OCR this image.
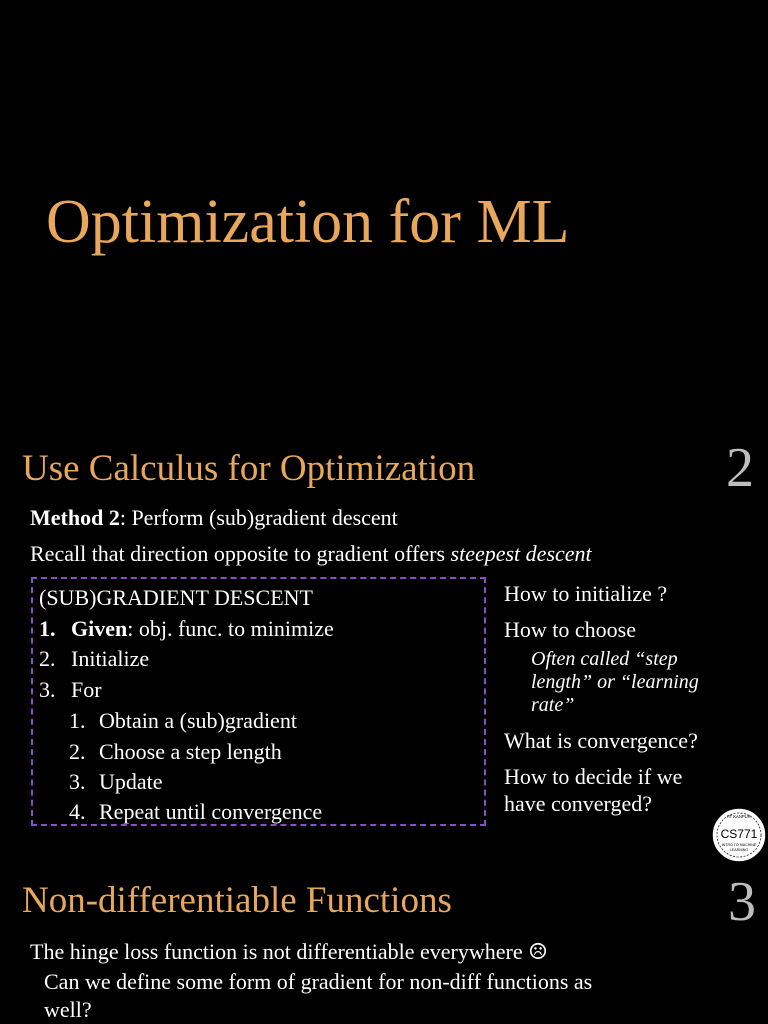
Optimization for ML
Use Calculus for Optimization	2
Method 2: Perform (sub)gradient descent
Recall that direction opposite to gradient offers steepest descent
(SUB)GRADIENT DESCENT
1. Given: obj. func. to minimize
2. Initialize
3. For
1. Obtain a (sub)gradient
2. Choose a step length
3. Update
4. Repeat until convergence
How to initialize ?
How to choose
Often called “step
length” or “learning
rate”
What is convergence?
How to decide if we
have converged?
IIT KANPUR
CS771
INTRO TO MACHINE
LEARNING
Non-differentiable Functions	3
The hinge loss function is not differentiable everywhere ☹
Can we define some form of gradient for non-diff functions as
well?
